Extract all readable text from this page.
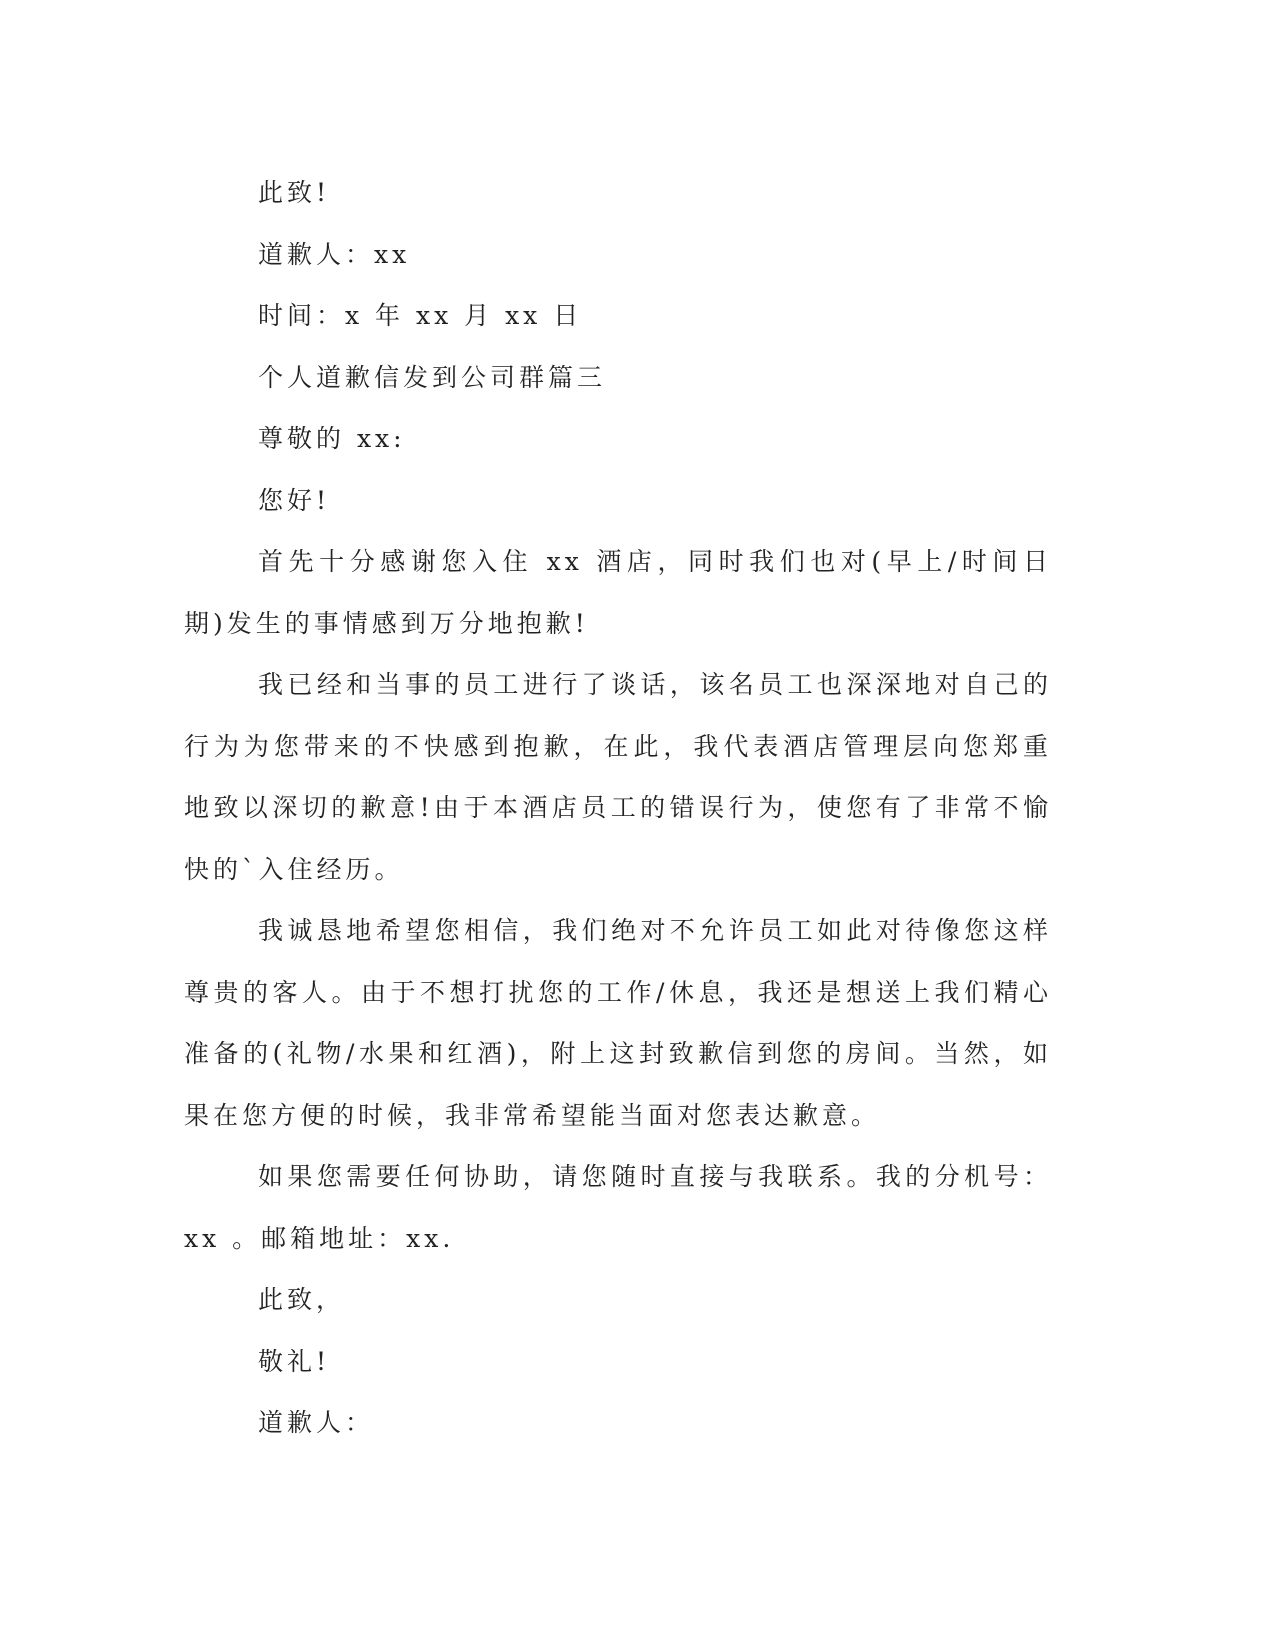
此致!

道歉人：xx

时间：x 年 xx 月 xx 日

个人道歉信发到公司群篇三

尊敬的 xx:

您好!

首先十分感谢您入住 xx 酒店，同时我们也对(早上/时间日期)发生的事情感到万分地抱歉!

我已经和当事的员工进行了谈话，该名员工也深深地对自己的行为为您带来的不快感到抱歉，在此，我代表酒店管理层向您郑重地致以深切的歉意!由于本酒店员工的错误行为，使您有了非常不愉快的`入住经历。

我诚恳地希望您相信，我们绝对不允许员工如此对待像您这样尊贵的客人。由于不想打扰您的工作/休息，我还是想送上我们精心准备的(礼物/水果和红酒)，附上这封致歉信到您的房间。当然，如果在您方便的时候，我非常希望能当面对您表达歉意。

如果您需要任何协助，请您随时直接与我联系。我的分机号：xx 。邮箱地址：xx.

此致，

敬礼!

道歉人：
